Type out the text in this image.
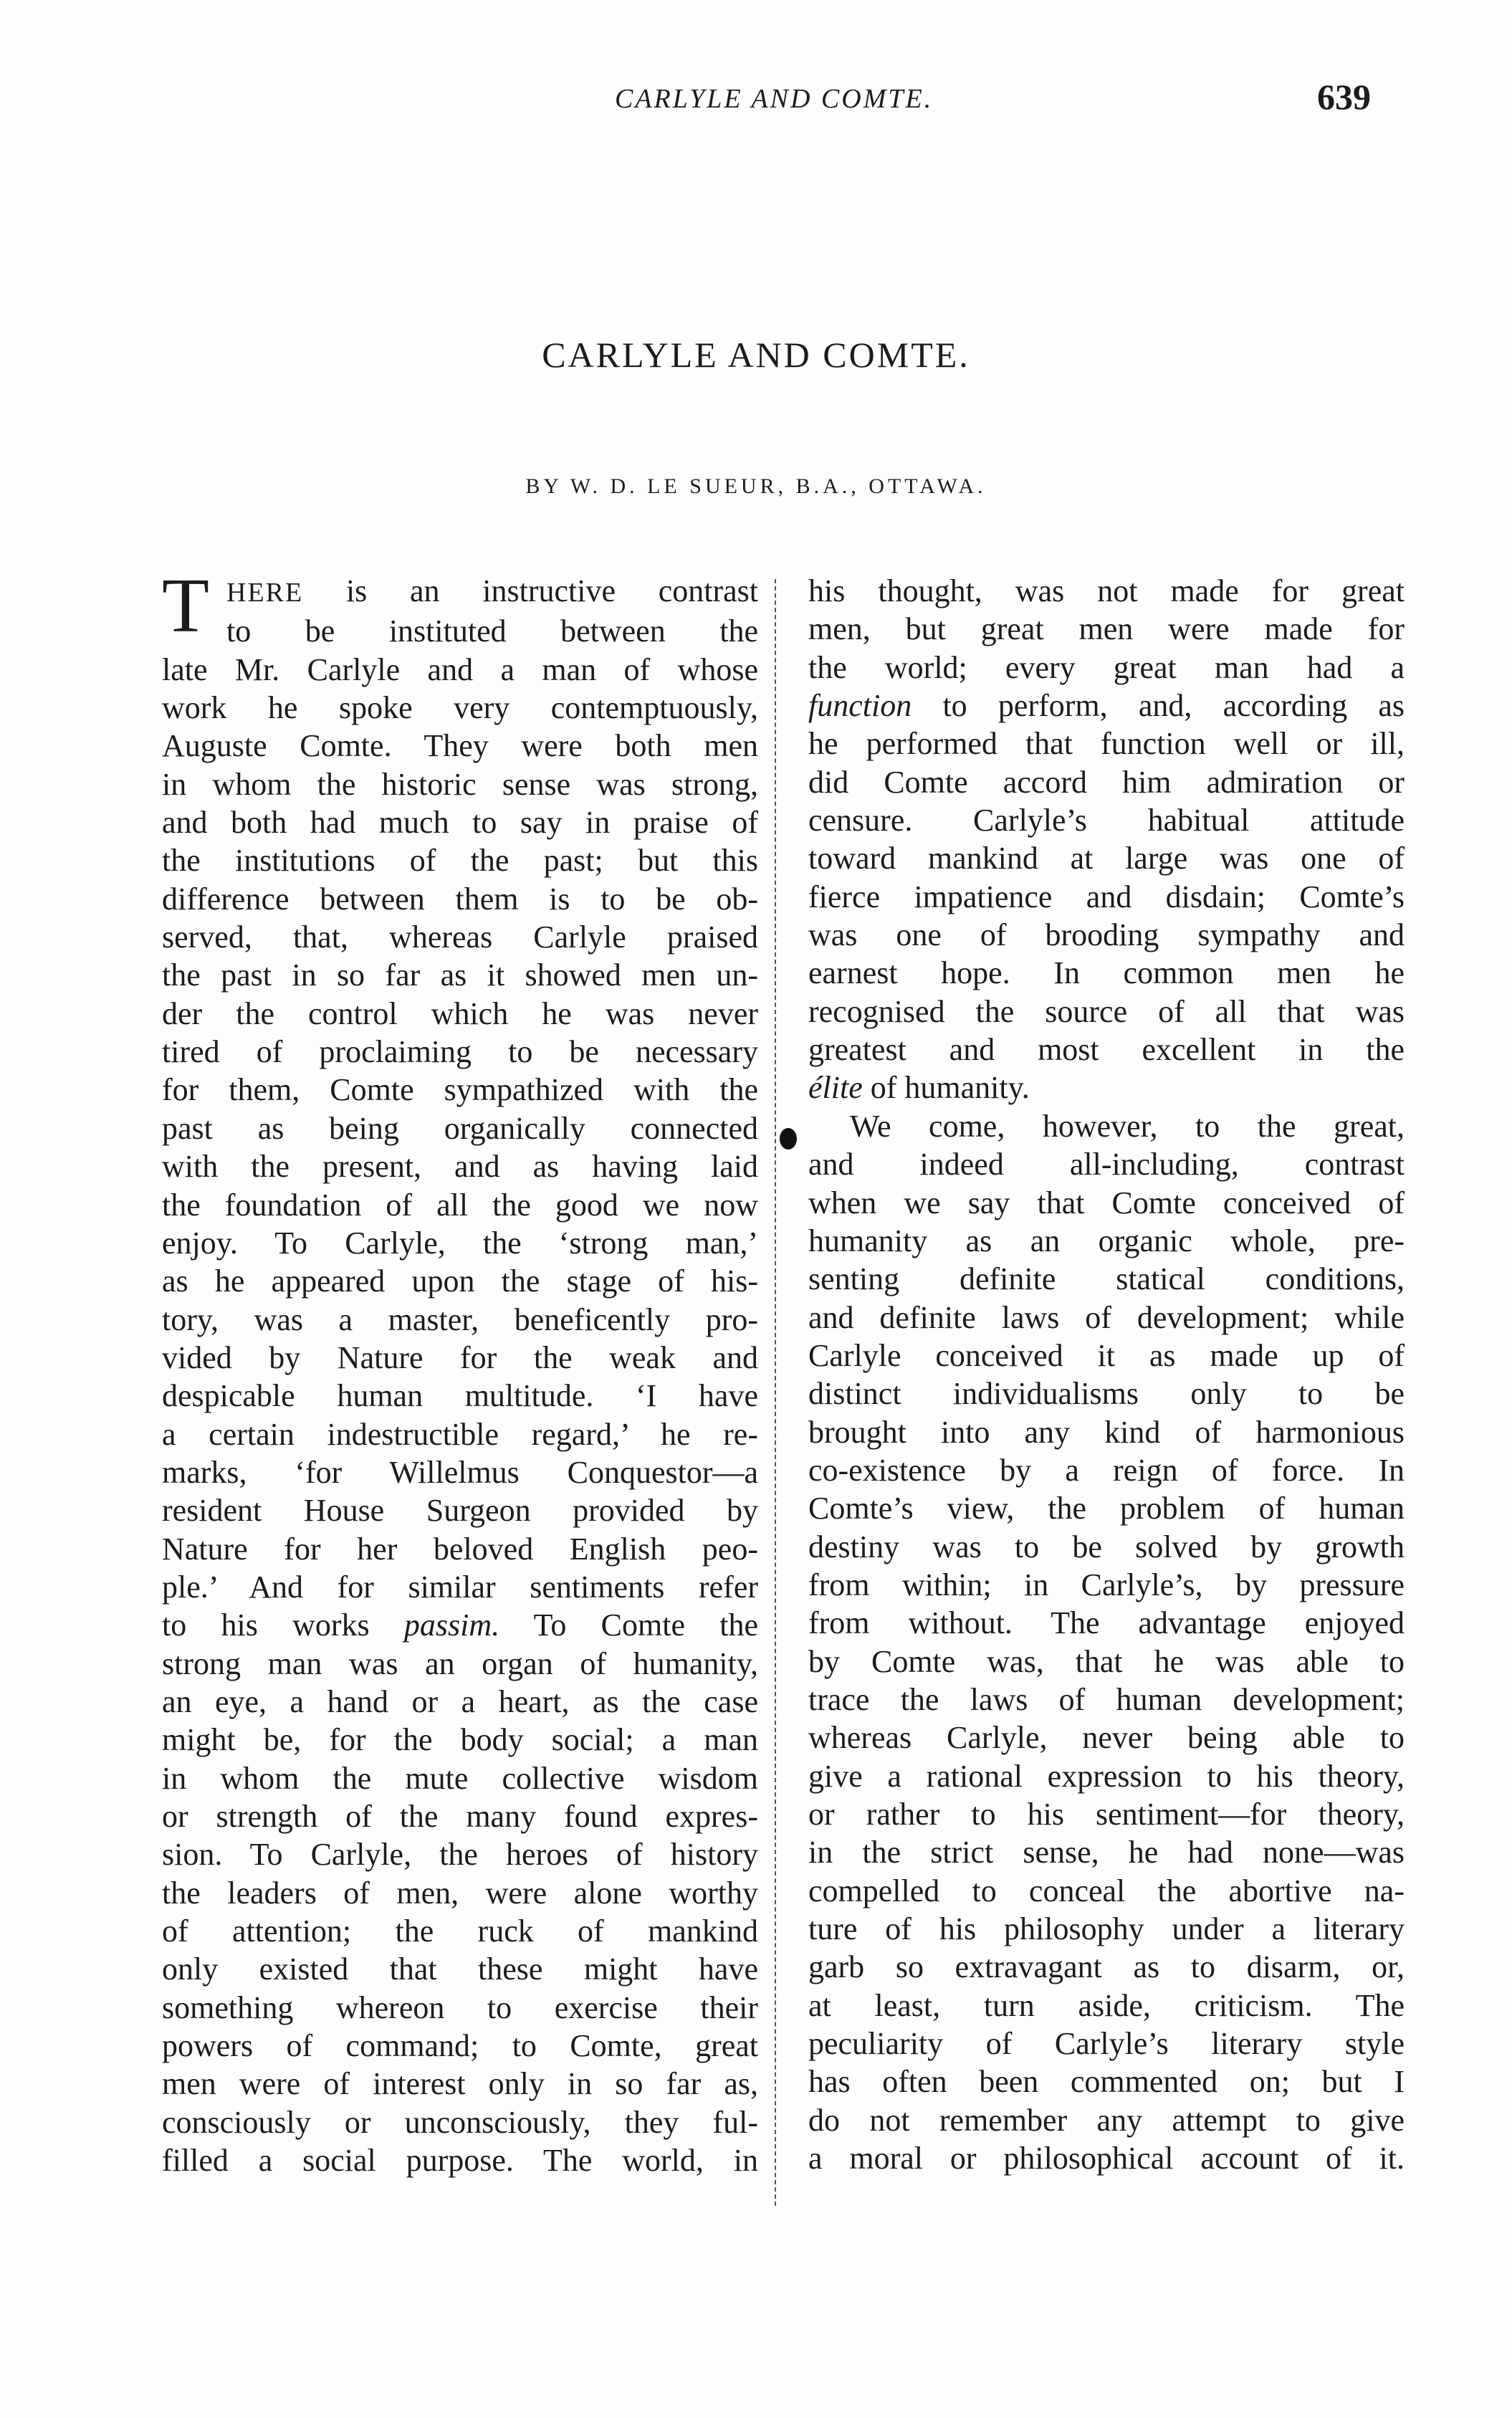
CARLYLE AND COMTE.	639
CARLYLE AND COMTE.
BY W. D. LE SUEUR, B.A., OTTAWA.
T HERE is an instructive contrast
to be instituted between the
late Mr. Carlyle and a man of whose
work he spoke very contemptuously,
Auguste Comte. They were both men
in whom the historic sense was strong,
and both had much to say in praise of
the institutions of the past; but this
difference between them is to be ob-
served, that, whereas Carlyle praised
the past in so far as it showed men un-
der the control which he was never
tired of proclaiming to be necessary
for them, Comte sympathized with the
past as being organically connected
with the present, and as having laid
the foundation of all the good we now
enjoy. To Carlyle, the ‘strong man,’
as he appeared upon the stage of his-
tory, was a master, beneficently pro-
vided by Nature for the weak and
despicable human multitude. ‘I have
a certain indestructible regard,’ he re-
marks, ‘for Willelmus Conquestor—a
resident House Surgeon provided by
Nature for her beloved English peo-
ple.’ And for similar sentiments refer
to his works passim. To Comte the
strong man was an organ of humanity,
an eye, a hand or a heart, as the case
might be, for the body social; a man
in whom the mute collective wisdom
or strength of the many found expres-
sion. To Carlyle, the heroes of history
the leaders of men, were alone worthy
of attention; the ruck of mankind
only existed that these might have
something whereon to exercise their
powers of command; to Comte, great
men were of interest only in so far as,
consciously or unconsciously, they ful-
filled a social purpose. The world, in
his thought, was not made for great
men, but great men were made for
the world; every great man had a
function to perform, and, according as
he performed that function well or ill,
did Comte accord him admiration or
censure. Carlyle’s habitual attitude
toward mankind at large was one of
fierce impatience and disdain; Comte’s
was one of brooding sympathy and
earnest hope. In common men he
recognised the source of all that was
greatest and most excellent in the
élite of humanity.
We come, however, to the great,
and indeed all-including, contrast
when we say that Comte conceived of
humanity as an organic whole, pre-
senting definite statical conditions,
and definite laws of development; while
Carlyle conceived it as made up of
distinct individualisms only to be
brought into any kind of harmonious
co-existence by a reign of force. In
Comte’s view, the problem of human
destiny was to be solved by growth
from within; in Carlyle’s, by pressure
from without. The advantage enjoyed
by Comte was, that he was able to
trace the laws of human development;
whereas Carlyle, never being able to
give a rational expression to his theory,
or rather to his sentiment—for theory,
in the strict sense, he had none—was
compelled to conceal the abortive na-
ture of his philosophy under a literary
garb so extravagant as to disarm, or,
at least, turn aside, criticism. The
peculiarity of Carlyle’s literary style
has often been commented on; but I
do not remember any attempt to give
a moral or philosophical account of it.
